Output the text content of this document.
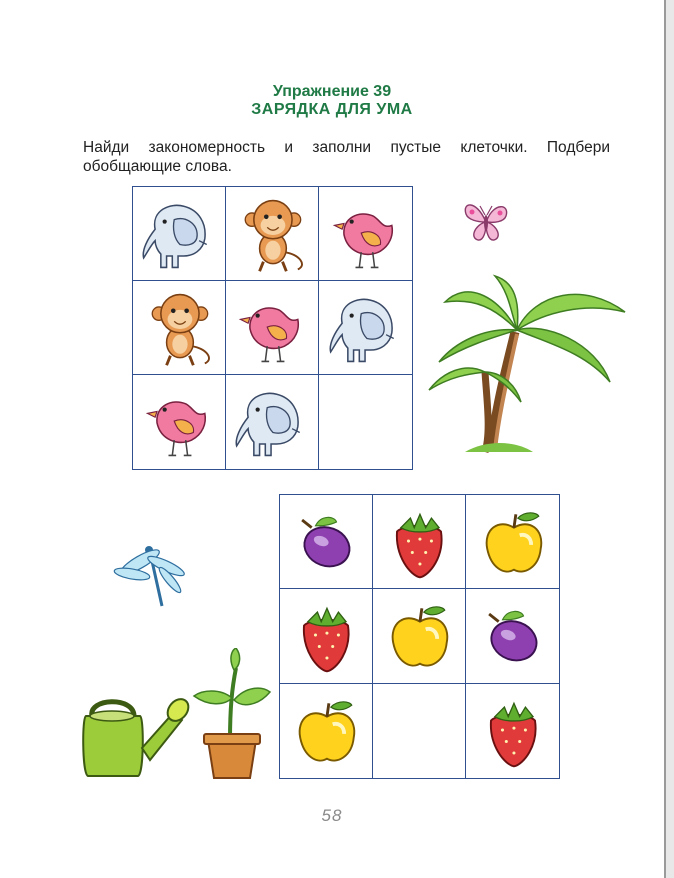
Упражнение 39
ЗАРЯДКА ДЛЯ УМА
Найди закономерность и заполни пустые клеточки. Подбери обобщающие слова.
58
